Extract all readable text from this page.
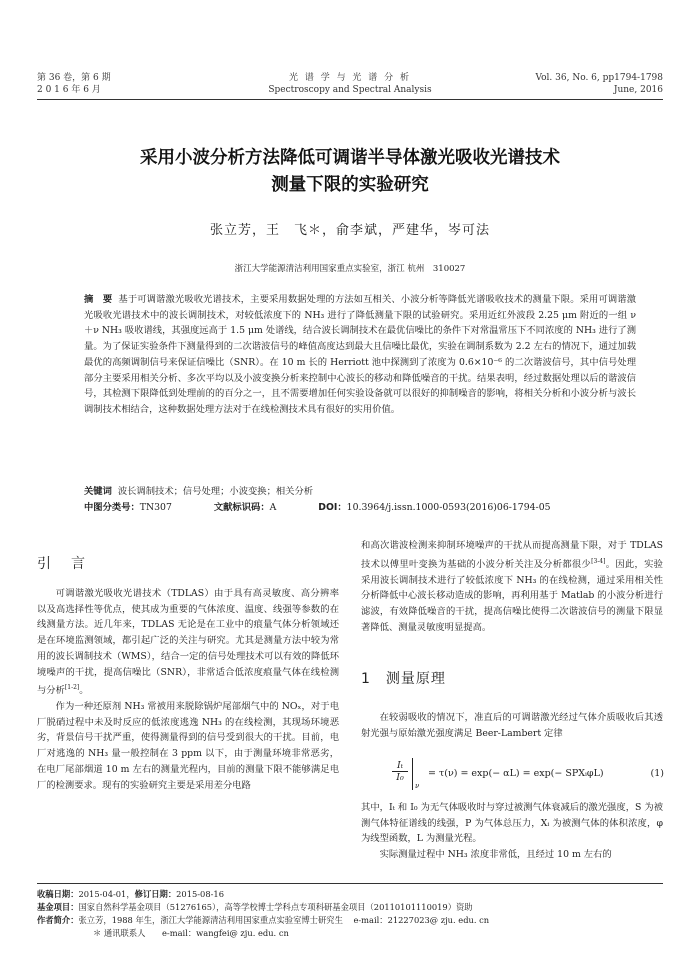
第 36 卷，第 6 期
2 0 1 6 年 6 月
光 谱 学 与 光 谱 分 析
Spectroscopy and Spectral Analysis
Vol. 36, No. 6, pp1794-1798
June, 2016
采用小波分析方法降低可调谐半导体激光吸收光谱技术
测量下限的实验研究
张立芳，王　飞＊，俞李斌，严建华，岑可法
浙江大学能源清洁利用国家重点实验室，浙江 杭州　310027
摘　要 基于可调谐激光吸收光谱技术，主要采用数据处理的方法如互相关、小波分析等降低光谱吸收技术的测量下限。采用可调谐激光吸收光谱技术中的波长调制技术，对较低浓度下的 NH₃ 进行了降低测量下限的试验研究。采用近红外波段 2.25 μm 附近的一组 ν＋ν NH₃ 吸收谱线，其强度远高于 1.5 μm 处谱线，结合波长调制技术在最优信噪比的条件下对常温常压下不同浓度的 NH₃ 进行了测量。为了保证实验条件下测量得到的二次谐波信号的峰值高度达到最大且信噪比最优，实验在调制系数为 2.2 左右的情况下，通过加载最优的高频调制信号来保证信噪比（SNR）。在 10 m 长的 Herriott 池中探测到了浓度为 0.6×10⁻⁶ 的二次谐波信号，其中信号处理部分主要采用相关分析、多次平均以及小波变换分析来控制中心波长的移动和降低噪音的干扰。结果表明，经过数据处理以后的谐波信号，其检测下限降低到处理前的的百分之一，且不需要增加任何实验设备就可以很好的抑制噪音的影响，将相关分析和小波分析与波长调制技术相结合，这种数据处理方法对于在线检测技术具有很好的实用价值。
关键词 波长调制技术；信号处理；小波变换；相关分析
中图分类号：TN307	文献标识码：A	DOI：10.3964/j.issn.1000-0593(2016)06-1794-05
引　言

可调谐激光吸收光谱技术（TDLAS）由于具有高灵敏度、高分辨率以及高选择性等优点，使其成为重要的气体浓度、温度、线强等参数的在线测量方法。近几年来，TDLAS 无论是在工业中的痕量气体分析领域还是在环境监测领域，都引起广泛的关注与研究。尤其是测量方法中较为常用的波长调制技术（WMS），结合一定的信号处理技术可以有效的降低环境噪声的干扰，提高信噪比（SNR），非常适合低浓度痕量气体在线检测与分析[1-2]。

作为一种还原剂 NH₃ 常被用来脱除锅炉尾部烟气中的 NOₓ，对于电厂脱硝过程中未及时反应的低浓度逃逸 NH₃ 的在线检测，其现场环境恶劣，背景信号干扰严重，使得测量得到的信号受到很大的干扰。目前，电厂对逃逸的 NH₃ 量一般控制在 3 ppm 以下，由于测量环境非常恶劣，在电厂尾部烟道 10 m 左右的测量光程内，目前的测量下限不能够满足电厂的检测要求。现有的实验研究主要是采用差分电路

和高次谐波检测来抑制环境噪声的干扰从而提高测量下限，对于 TDLAS 技术以傅里叶变换为基础的小波分析关注及分析都很少[3-4]。因此，实验采用波长调制技术进行了较低浓度下 NH₃ 的在线检测，通过采用相关性分析降低中心波长移动造成的影响，再利用基于 Matlab 的小波分析进行滤波，有效降低噪音的干扰，提高信噪比使得二次谐波信号的测量下限显著降低、测量灵敏度明显提高。

1　测量原理

在较弱吸收的情况下，准直后的可调谐激光经过气体介质吸收后其透射光强与原始激光强度满足 Beer-Lambert 定律

$\frac{\text{Iₜ}}{\text{I₀}}$
ν
= τ(ν) = exp(− αL) = exp(− SPXᵢφL)	(1)

其中，Iₜ 和 I₀ 为无气体吸收时与穿过被测气体衰减后的激光强度，S 为被测气体特征谱线的线强，P 为气体总压力，Xᵢ 为被测气体的体积浓度，φ 为线型函数，L 为测量光程。

实际测量过程中 NH₃ 浓度非常低，且经过 10 m 左右的

收稿日期：2015-04-01，修订日期：2015-08-16
基金项目：国家自然科学基金项目（51276165），高等学校博士学科点专项科研基金项目（20110101110019）资助
作者简介：张立芳，1988 年生，浙江大学能源清洁利用国家重点实验室博士研究生 e-mail：21227023@ zju. edu. cn
＊ 通讯联系人　　e-mail：wangfei@ zju. edu. cn
